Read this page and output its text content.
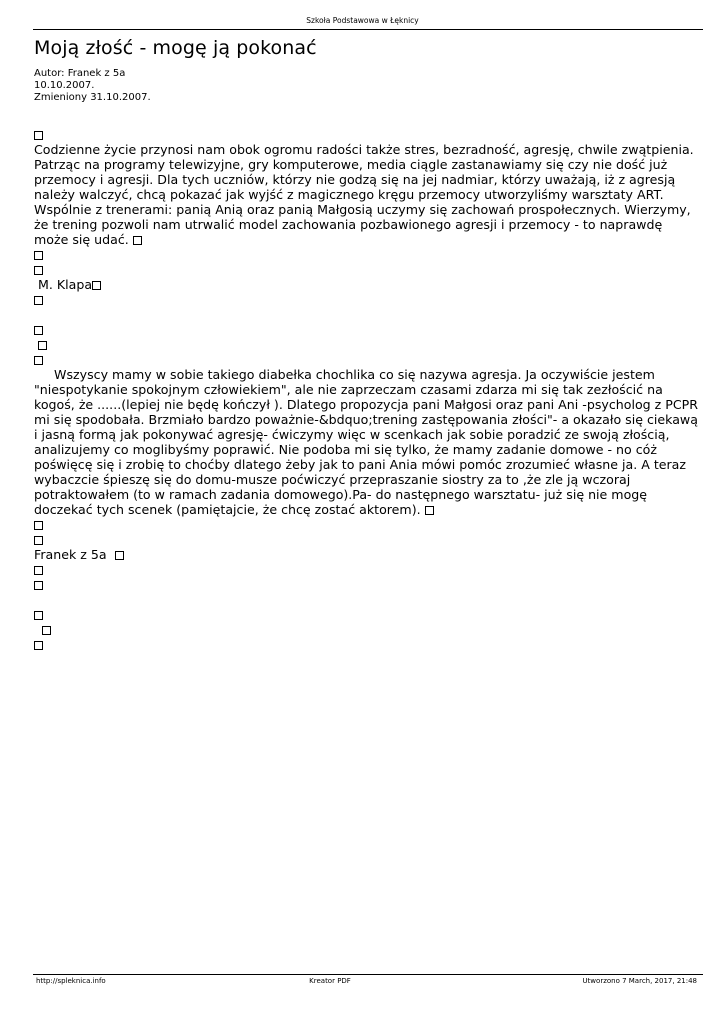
Szkoła Podstawowa w Łęknicy
Moją złość - mogę ją pokonać
Autor: Franek z 5a
10.10.2007.
Zmieniony 31.10.2007.
Codzienne życie przynosi nam obok ogromu radości także stres, bezradność, agresję, chwile zwątpienia. Patrząc na programy telewizyjne, gry komputerowe, media ciągle zastanawiamy się czy nie dość już przemocy i agresji. Dla tych uczniów, którzy nie godzą się na jej nadmiar, którzy uważają, iż z agresją należy walczyć, chcą pokazać jak wyjść z magicznego kręgu przemocy utworzyliśmy warsztaty ART. Wspólnie z trenerami: panią Anią oraz panią Małgosią uczymy się zachowań prospołecznych. Wierzymy, że trening pozwoli nam utrwalić model zachowania pozbawionego agresji i przemocy - to naprawdę może się udać.
M. Klapa

Wszyscy mamy w sobie takiego diabełka chochlika co się nazywa agresja. Ja oczywiście jestem "niespotykanie spokojnym człowiekiem", ale nie zaprzeczam czasami zdarza mi się tak zezłościć na kogoś, że ......(lepiej nie będę kończył ). Dlatego propozycja pani Małgosi oraz pani Ani -psycholog z PCPR mi się spodobała. Brzmiało bardzo poważnie-&bdquo;trening zastępowania złości"- a okazało się ciekawą i jasną formą jak pokonywać agresję- ćwiczymy więc w scenkach jak sobie poradzić ze swoją złością, analizujemy co moglibyśmy poprawić. Nie podoba mi się tylko, że mamy zadanie domowe - no cóż poświęcę się i zrobię to choćby dlatego żeby jak to pani Ania mówi pomóc zrozumieć własne ja. A teraz wybaczcie śpieszę się do domu-musze poćwiczyć przepraszanie siostry za to ,że zle ją wczoraj potraktowałem (to w ramach zadania domowego).Pa- do następnego warsztatu- już się nie mogę doczekać tych scenek (pamiętajcie, że chcę zostać aktorem).
Franek z 5a

http://spleknica.info	Kreator PDF	Utworzono 7 March, 2017, 21:48
